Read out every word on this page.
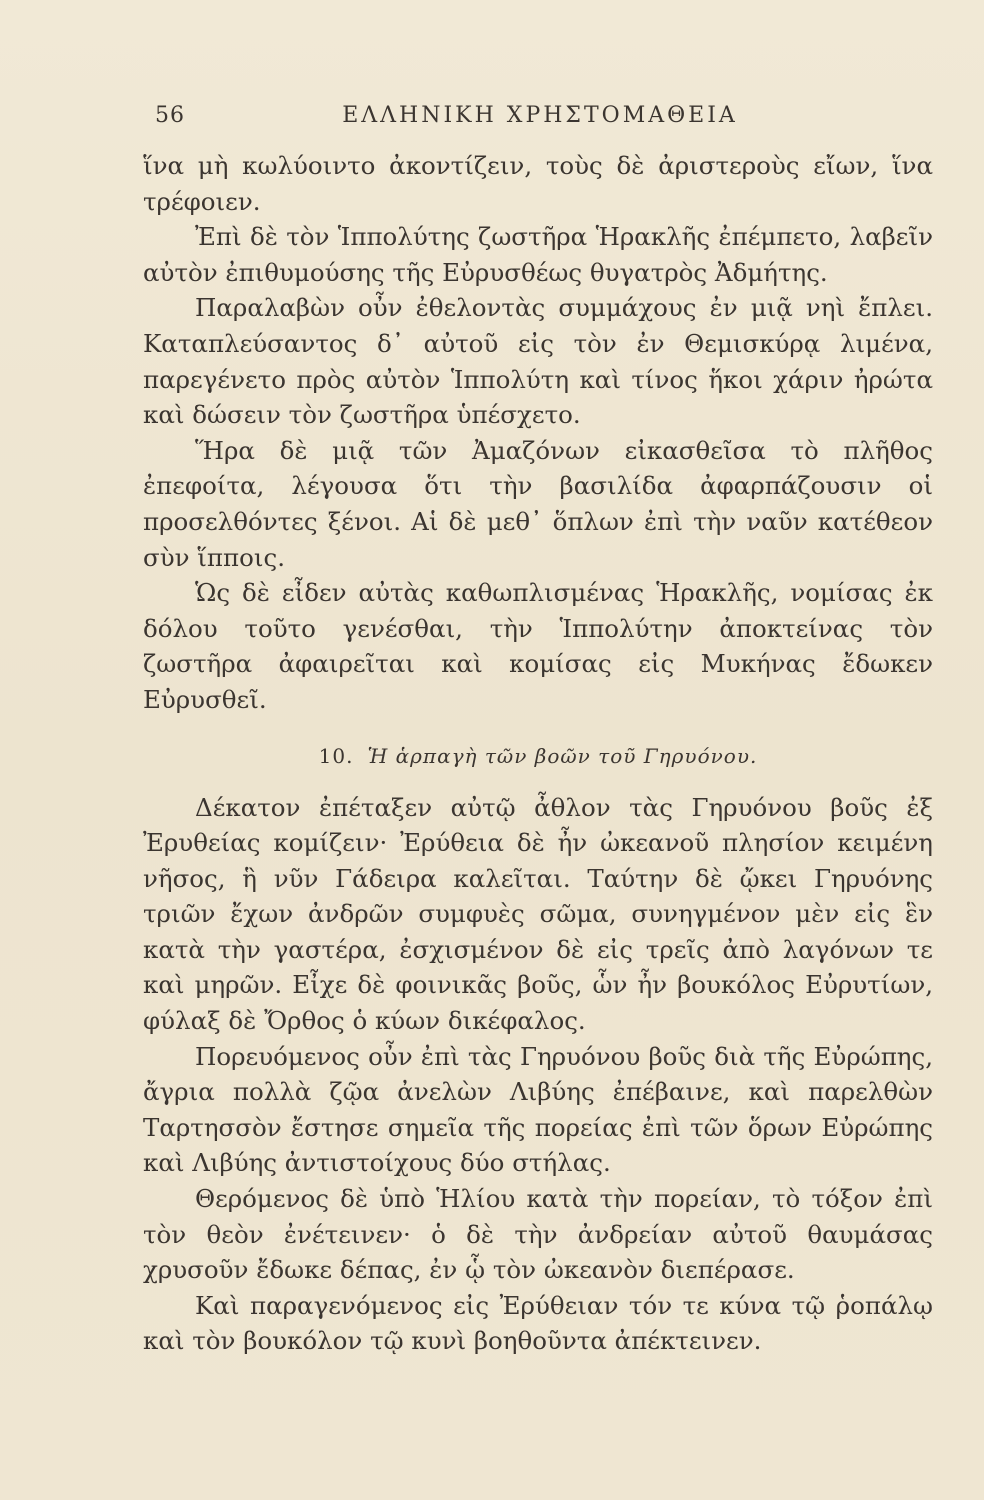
56	ΕΛΛΗΝΙΚΗ ΧΡΗΣΤΟΜΑΘΕΙΑ

ἵνα μὴ κωλύοιντο ἀκοντίζειν, τοὺς δὲ ἀριστεροὺς εἴων, ἵνα τρέφοιεν.

Ἐπὶ δὲ τὸν Ἱππολύτης ζωστῆρα Ἡρακλῆς ἐπέμπετο, λαβεῖν αὐτὸν ἐπιθυμούσης τῆς Εὐρυσθέως θυγατρὸς Ἀδμήτης.

Παραλαβὼν οὖν ἐθελοντὰς συμμάχους ἐν μιᾷ νηὶ ἔπλει. Καταπλεύσαντος δ᾽ αὐτοῦ εἰς τὸν ἐν Θεμισκύρᾳ λιμένα, παρεγένετο πρὸς αὐτὸν Ἱππολύτη καὶ τίνος ἥκοι χάριν ἠρώτα καὶ δώσειν τὸν ζωστῆρα ὑπέσχετο.

Ἥρα δὲ μιᾷ τῶν Ἀμαζόνων εἰκασθεῖσα τὸ πλῆθος ἐπεφοίτα, λέγουσα ὅτι τὴν βασιλίδα ἀφαρπάζουσιν οἱ προσελθόντες ξένοι. Αἱ δὲ μεθ᾽ ὅπλων ἐπὶ τὴν ναῦν κατέθεον σὺν ἵπποις.

Ὡς δὲ εἶδεν αὐτὰς καθωπλισμένας Ἡρακλῆς, νομίσας ἐκ δόλου τοῦτο γενέσθαι, τὴν Ἱππολύτην ἀποκτείνας τὸν ζωστῆρα ἀφαιρεῖται καὶ κομίσας εἰς Μυκήνας ἔδωκεν Εὐρυσθεῖ.

10. Ἡ ἁρπαγὴ τῶν βοῶν τοῦ Γηρυόνου.

Δέκατον ἐπέταξεν αὐτῷ ἆθλον τὰς Γηρυόνου βοῦς ἐξ Ἐρυθείας κομίζειν· Ἐρύθεια δὲ ἦν ὠκεανοῦ πλησίον κειμένη νῆσος, ἣ νῦν Γάδειρα καλεῖται. Ταύτην δὲ ᾤκει Γηρυόνης τριῶν ἔχων ἀνδρῶν συμφυὲς σῶμα, συνηγμένον μὲν εἰς ἓν κατὰ τὴν γαστέρα, ἐσχισμένον δὲ εἰς τρεῖς ἀπὸ λαγόνων τε καὶ μηρῶν. Εἶχε δὲ φοινικᾶς βοῦς, ὧν ἦν βουκόλος Εὐρυτίων, φύλαξ δὲ Ὄρθος ὁ κύων δικέφαλος.

Πορευόμενος οὖν ἐπὶ τὰς Γηρυόνου βοῦς διὰ τῆς Εὐρώπης, ἄγρια πολλὰ ζῷα ἀνελὼν Λιβύης ἐπέβαινε, καὶ παρελθὼν Ταρτησσὸν ἔστησε σημεῖα τῆς πορείας ἐπὶ τῶν ὅρων Εὐρώπης καὶ Λιβύης ἀντιστοίχους δύο στήλας.

Θερόμενος δὲ ὑπὸ Ἡλίου κατὰ τὴν πορείαν, τὸ τόξον ἐπὶ τὸν θεὸν ἐνέτεινεν· ὁ δὲ τὴν ἀνδρείαν αὐτοῦ θαυμάσας χρυσοῦν ἔδωκε δέπας, ἐν ᾧ τὸν ὠκεανὸν διεπέρασε.

Καὶ παραγενόμενος εἰς Ἐρύθειαν τόν τε κύνα τῷ ῥοπάλῳ καὶ τὸν βουκόλον τῷ κυνὶ βοηθοῦντα ἀπέκτεινεν.
